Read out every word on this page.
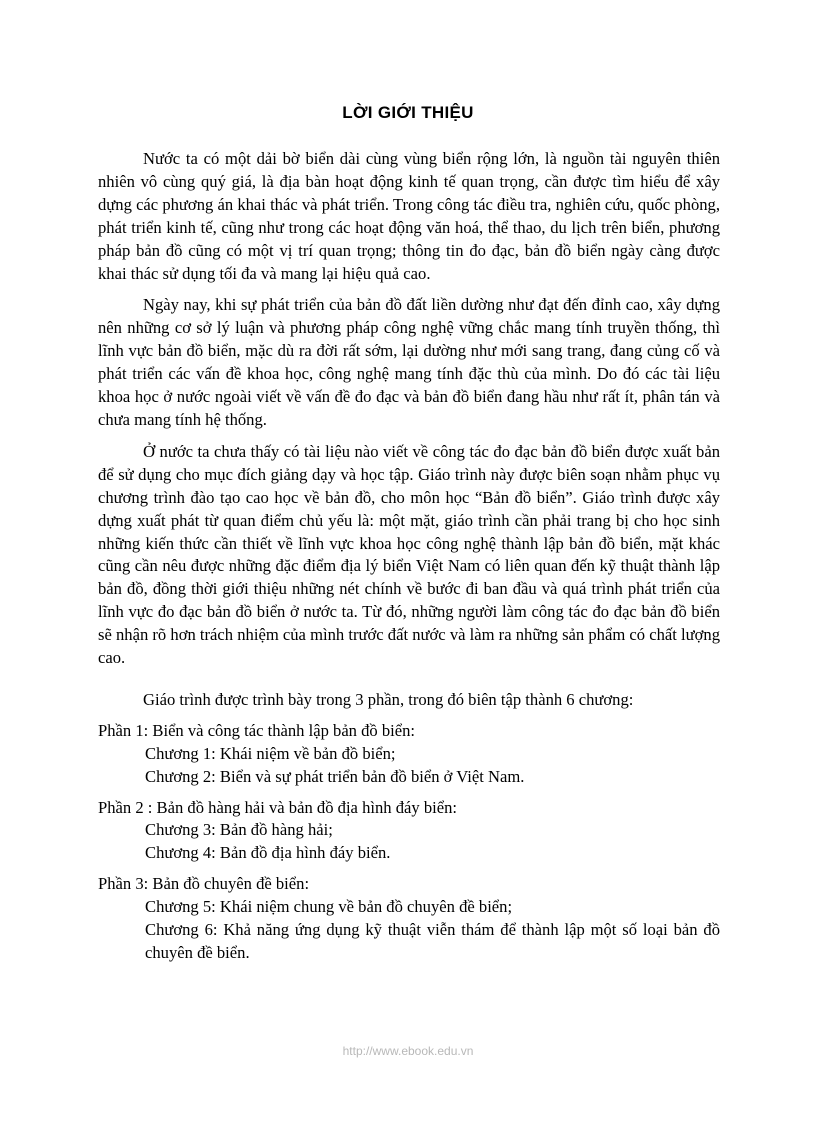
LỜI GIỚI THIỆU

Nước ta có một dải bờ biển dài cùng vùng biển rộng lớn, là nguồn tài nguyên thiên nhiên vô cùng quý giá, là địa bàn hoạt động kinh tế quan trọng, cần được tìm hiểu để xây dựng các phương án khai thác và phát triển. Trong công tác điều tra, nghiên cứu, quốc phòng, phát triển kinh tế, cũng như trong các hoạt động văn hoá, thể thao, du lịch trên biển, phương pháp bản đồ cũng có một vị trí quan trọng; thông tin đo đạc, bản đồ biển ngày càng được khai thác sử dụng tối đa và mang lại hiệu quả cao.

Ngày nay, khi sự phát triển của bản đồ đất liền dường như đạt đến đỉnh cao, xây dựng nên những cơ sở lý luận và phương pháp công nghệ vững chắc mang tính truyền thống, thì lĩnh vực bản đồ biển, mặc dù ra đời rất sớm, lại dường như mới sang trang, đang củng cố và phát triển các vấn đề khoa học, công nghệ mang tính đặc thù của mình. Do đó các tài liệu khoa học ở nước ngoài viết về vấn đề đo đạc và bản đồ biển đang hầu như rất ít, phân tán và chưa mang tính hệ thống.

Ở nước ta chưa thấy có tài liệu nào viết về công tác đo đạc bản đồ biển được xuất bản để sử dụng cho mục đích giảng dạy và học tập. Giáo trình này được biên soạn nhằm phục vụ chương trình đào tạo cao học về bản đồ, cho môn học “Bản đồ biển”. Giáo trình được xây dựng xuất phát từ quan điểm chủ yếu là: một mặt, giáo trình cần phải trang bị cho học sinh những kiến thức cần thiết về lĩnh vực khoa học công nghệ thành lập bản đồ biển, mặt khác cũng cần nêu được những đặc điểm địa lý biển Việt Nam có liên quan đến kỹ thuật thành lập bản đồ, đồng thời giới thiệu những nét chính về bước đi ban đầu và quá trình phát triển của lĩnh vực đo đạc bản đồ biển ở nước ta. Từ đó, những người làm công tác đo đạc bản đồ biển sẽ nhận rõ hơn trách nhiệm của mình trước đất nước và làm ra những sản phẩm có chất lượng cao.

Giáo trình được trình bày trong 3 phần, trong đó biên tập thành 6 chương:

Phần 1: Biển và công tác thành lập bản đồ biển:

Chương 1: Khái niệm về bản đồ biển;

Chương 2: Biển và sự phát triển bản đồ biển ở Việt Nam.

Phần 2 : Bản đồ hàng hải và bản đồ địa hình đáy biển:

Chương 3: Bản đồ hàng hải;

Chương 4: Bản đồ địa hình đáy biển.

Phần 3: Bản đồ chuyên đề biển:

Chương 5: Khái niệm chung về bản đồ chuyên đề biển;

Chương 6: Khả năng ứng dụng kỹ thuật viễn thám để thành lập một số loại bản đồ chuyên đề biển.

http://www.ebook.edu.vn
